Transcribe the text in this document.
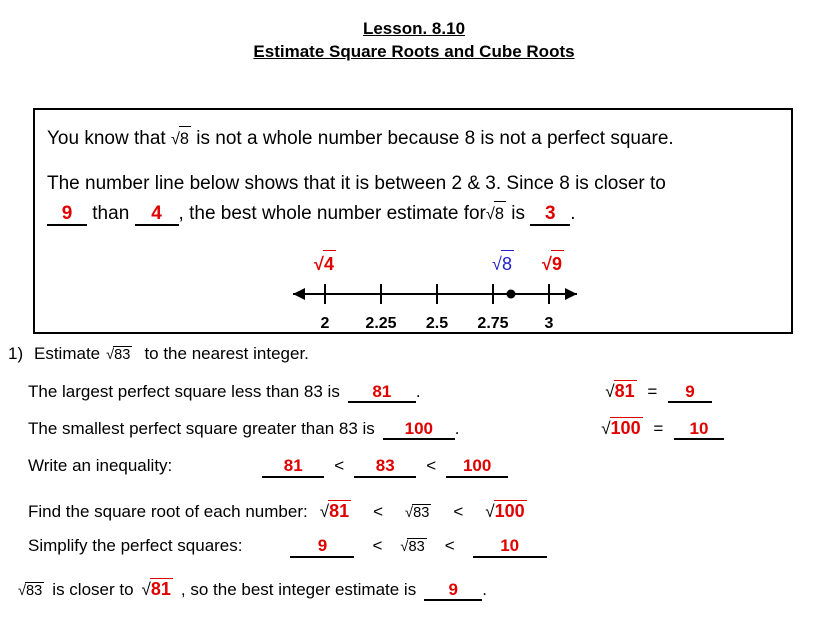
Lesson. 8.10
Estimate Square Roots and Cube Roots

You know that √8 is not a whole number because 8 is not a perfect square.

The number line below shows that it is between 2 & 3. Since 8 is closer to
9 than 4 , the best whole number estimate for√8 is 3 .

√4	√8 √9
2 2.25 2.5 2.75 3
1) Estimate √83 to the nearest integer.
The largest perfect square less than 83 is	81	.	√81 = 9
The smallest perfect square greater than 83 is	100	.	√100 = 10
Write an inequality:	81	<	83	<	100
Find the square root of each number: √81	<	√83	<	√100
Simplify the perfect squares:	9	<	√83	<	10
√83 is closer to √81 , so the best integer estimate is	9	.
